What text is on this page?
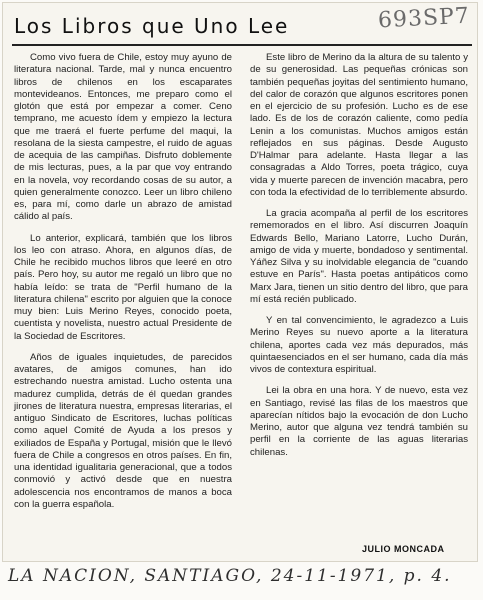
Los Libros que Uno Lee	693SP7

Como vivo fuera de Chile, estoy muy ayuno de literatura nacional. Tarde, mal y nunca encuentro libros de chilenos en los escaparates montevideanos. Entonces, me preparo como el glotón que está por empezar a comer. Ceno temprano, me acuesto ídem y empiezo la lectura que me traerá el fuerte perfume del maqui, la resolana de la siesta campestre, el ruido de aguas de acequia de las campiñas. Disfruto doblemente de mis lecturas, pues, a la par que voy entrando en la novela, voy recordando cosas de su autor, a quien generalmente conozco. Leer un libro chileno es, para mí, como darle un abrazo de amistad cálido al país.

Lo anterior, explicará, también que los libros los leo con atraso. Ahora, en algunos días, de Chile he recibido muchos libros que leeré en otro país. Pero hoy, su autor me regaló un libro que no había leído: se trata de "Perfil humano de la literatura chilena" escrito por alguien que la conoce muy bien: Luis Merino Reyes, conocido poeta, cuentista y novelista, nuestro actual Presidente de la Sociedad de Escritores.

Años de iguales inquietudes, de parecidos avatares, de amigos comunes, han ido estrechando nuestra amistad. Lucho ostenta una madurez cumplida, detrás de él quedan grandes jirones de literatura nuestra, empresas literarias, el antiguo Sindicato de Escritores, luchas políticas como aquel Comité de Ayuda a los presos y exiliados de España y Portugal, misión que le llevó fuera de Chile a congresos en otros países. En fin, una identidad igualitaria generacional, que a todos conmovió y activó desde que en nuestra adolescencia nos encontramos de manos a boca con la guerra española.

Este libro de Merino da la altura de su talento y de su generosidad. Las pequeñas crónicas son también pequeñas joyitas del sentimiento humano, del calor de corazón que algunos escritores ponen en el ejercicio de su profesión. Lucho es de ese lado. Es de los de corazón caliente, como pedía Lenin a los comunistas. Muchos amigos están reflejados en sus páginas. Desde Augusto D'Halmar para adelante. Hasta llegar a las consagradas a Aldo Torres, poeta trágico, cuya vida y muerte parecen de invención macabra, pero con toda la efectividad de lo terriblemente absurdo.

La gracia acompaña al perfil de los escritores rememorados en el libro. Así discurren Joaquín Edwards Bello, Mariano Latorre, Lucho Durán, amigo de vida y muerte, bondadoso y sentimental. Yáñez Silva y su inolvidable elegancia de "cuando estuve en París". Hasta poetas antipáticos como Marx Jara, tienen un sitio dentro del libro, que para mí está recién publicado.

Y en tal convencimiento, le agradezco a Luis Merino Reyes su nuevo aporte a la literatura chilena, aportes cada vez más depurados, más quintaesenciados en el ser humano, cada día más vivos de contextura espiritual.

Lei la obra en una hora. Y de nuevo, esta vez en Santiago, revisé las filas de los maestros que aparecían nítidos bajo la evocación de don Lucho Merino, autor que alguna vez tendrá también su perfil en la corriente de las aguas literarias chilenas.

JULIO MONCADA
LA NACION, SANTIAGO, 24-11-1971, p. 4.
